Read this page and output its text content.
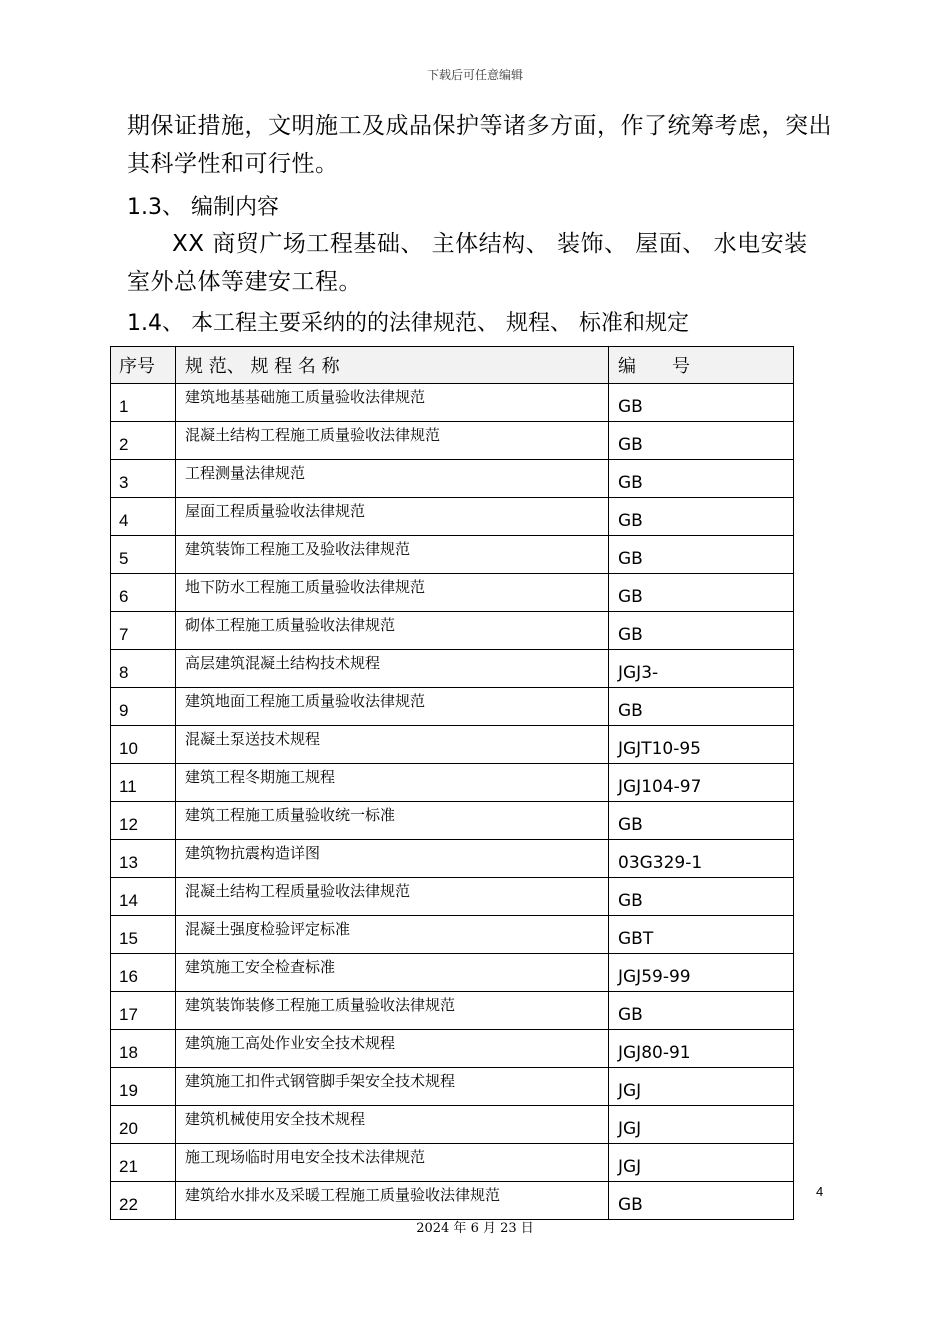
下载后可任意编辑
期保证措施，文明施工及成品保护等诸多方面，作了统筹考虑，突出
其科学性和可行性。
1.3、 编制内容
XX 商贸广场工程基础、 主体结构、 装饰、 屋面、 水电安装
室外总体等建安工程。
1.4、 本工程主要采纳的的法律规范、 规程、 标准和规定
序号	规 范、 规 程 名 称	编　　号
1	建筑地基基础施工质量验收法律规范	GB
2	混凝土结构工程施工质量验收法律规范	GB
3	工程测量法律规范	GB
4	屋面工程质量验收法律规范	GB
5	建筑装饰工程施工及验收法律规范	GB
6	地下防水工程施工质量验收法律规范	GB
7	砌体工程施工质量验收法律规范	GB
8	高层建筑混凝土结构技术规程	JGJ3-
9	建筑地面工程施工质量验收法律规范	GB
10	混凝土泵送技术规程	JGJT10-95
11	建筑工程冬期施工规程	JGJ104-97
12	建筑工程施工质量验收统一标准	GB
13	建筑物抗震构造详图	03G329-1
14	混凝土结构工程质量验收法律规范	GB
15	混凝土强度检验评定标准	GBT
16	建筑施工安全检查标准	JGJ59-99
17	建筑装饰装修工程施工质量验收法律规范	GB
18	建筑施工高处作业安全技术规程	JGJ80-91
19	建筑施工扣件式钢管脚手架安全技术规程	JGJ
20	建筑机械使用安全技术规程	JGJ
21	施工现场临时用电安全技术法律规范	JGJ
22	建筑给水排水及采暖工程施工质量验收法律规范	GB
4
2024 年 6 月 23 日
